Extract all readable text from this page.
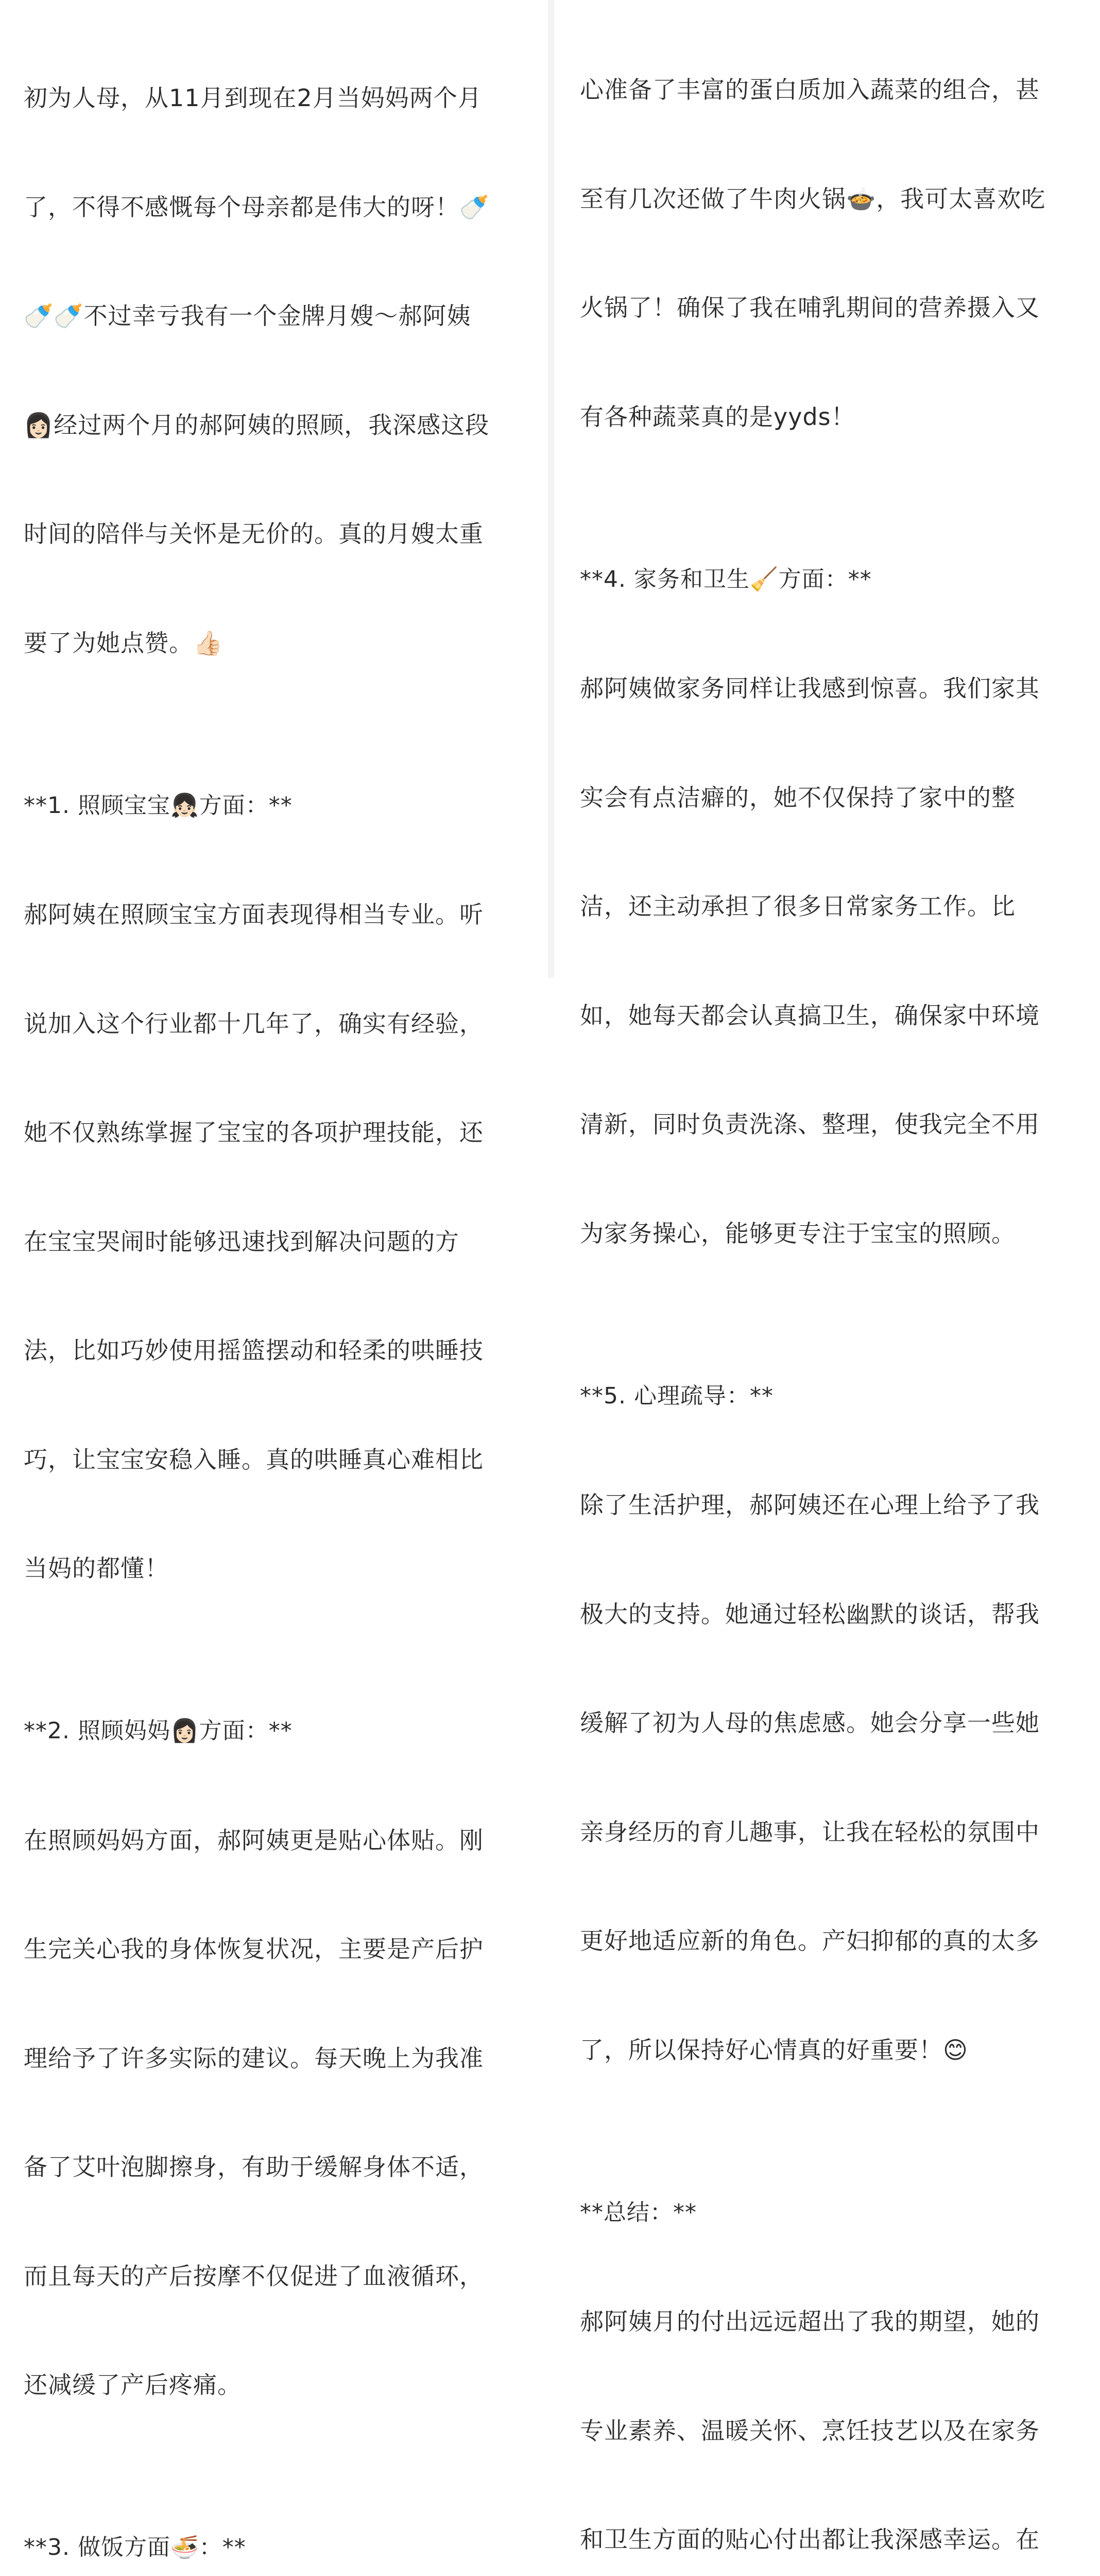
初为人母，从11月到现在2月当妈妈两个月

了，不得不感慨每个母亲都是伟大的呀！🍼

🍼🍼不过幸亏我有一个金牌月嫂～郝阿姨

👩🏻经过两个月的郝阿姨的照顾，我深感这段

时间的陪伴与关怀是无价的。真的月嫂太重

要了为她点赞。👍🏻

**1. 照顾宝宝👧🏻方面：**

郝阿姨在照顾宝宝方面表现得相当专业。听

说加入这个行业都十几年了，确实有经验，

她不仅熟练掌握了宝宝的各项护理技能，还

在宝宝哭闹时能够迅速找到解决问题的方

法，比如巧妙使用摇篮摆动和轻柔的哄睡技

巧，让宝宝安稳入睡。真的哄睡真心难相比

当妈的都懂！

**2. 照顾妈妈👩🏻方面：**

在照顾妈妈方面，郝阿姨更是贴心体贴。刚

生完关心我的身体恢复状况，主要是产后护

理给予了许多实际的建议。每天晚上为我准

备了艾叶泡脚擦身，有助于缓解身体不适，

而且每天的产后按摩不仅促进了血液循环，

还减缓了产后疼痛。

**3. 做饭方面🍜：**

心准备了丰富的蛋白质加入蔬菜的组合，甚

至有几次还做了牛肉火锅🍲，我可太喜欢吃

火锅了！确保了我在哺乳期间的营养摄入又

有各种蔬菜真的是yyds！

**4. 家务和卫生🧹方面：**

郝阿姨做家务同样让我感到惊喜。我们家其

实会有点洁癖的，她不仅保持了家中的整

洁，还主动承担了很多日常家务工作。比

如，她每天都会认真搞卫生，确保家中环境

清新，同时负责洗涤、整理，使我完全不用

为家务操心，能够更专注于宝宝的照顾。

**5. 心理疏导：**

除了生活护理，郝阿姨还在心理上给予了我

极大的支持。她通过轻松幽默的谈话，帮我

缓解了初为人母的焦虑感。她会分享一些她

亲身经历的育儿趣事，让我在轻松的氛围中

更好地适应新的角色。产妇抑郁的真的太多

了，所以保持好心情真的好重要！😊

**总结：**

郝阿姨月的付出远远超出了我的期望，她的

专业素养、温暖关怀、烹饪技艺以及在家务

和卫生方面的贴心付出都让我深感幸运。在
